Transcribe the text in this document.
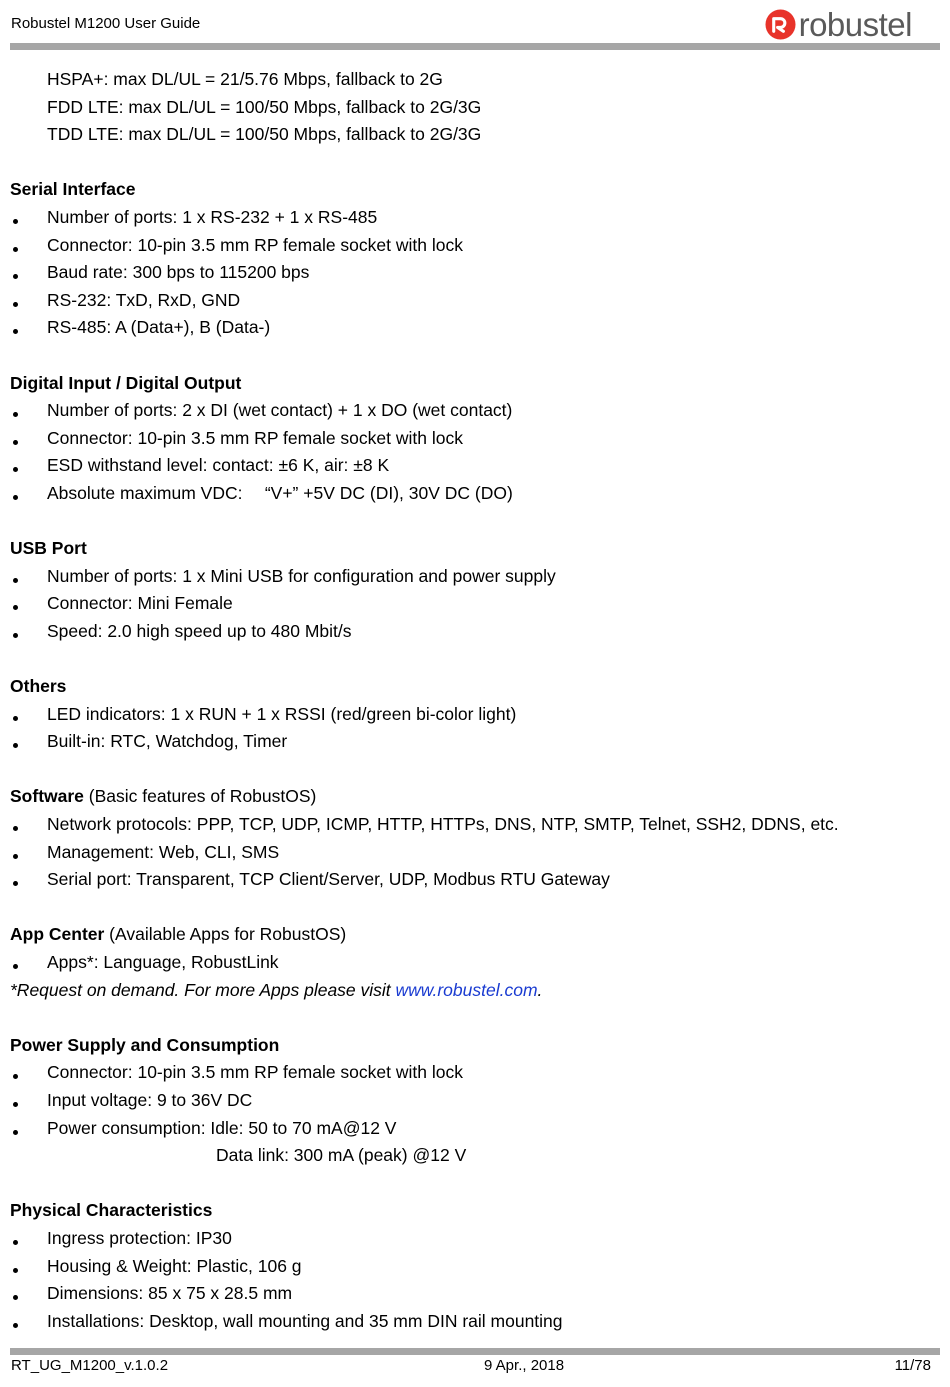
Robustel M1200 User Guide	robustel
HSPA+: max DL/UL = 21/5.76 Mbps, fallback to 2G
FDD LTE: max DL/UL = 100/50 Mbps, fallback to 2G/3G
TDD LTE: max DL/UL = 100/50 Mbps, fallback to 2G/3G
Serial Interface
Number of ports: 1 x RS-232 + 1 x RS-485
Connector: 10-pin 3.5 mm RP female socket with lock
Baud rate: 300 bps to 115200 bps
RS-232: TxD, RxD, GND
RS-485: A (Data+), B (Data-)
Digital Input / Digital Output
Number of ports: 2 x DI (wet contact) + 1 x DO (wet contact)
Connector: 10-pin 3.5 mm RP female socket with lock
ESD withstand level: contact: ±6 K, air: ±8 K
Absolute maximum VDC: 　“V+” +5V DC (DI), 30V DC (DO)
USB Port
Number of ports: 1 x Mini USB for configuration and power supply
Connector: Mini Female
Speed: 2.0 high speed up to 480 Mbit/s
Others
LED indicators: 1 x RUN + 1 x RSSI (red/green bi-color light)
Built-in: RTC, Watchdog, Timer
Software (Basic features of RobustOS)
Network protocols: PPP, TCP, UDP, ICMP, HTTP, HTTPs, DNS, NTP, SMTP, Telnet, SSH2, DDNS, etc.
Management: Web, CLI, SMS
Serial port: Transparent, TCP Client/Server, UDP, Modbus RTU Gateway
App Center (Available Apps for RobustOS)
Apps*: Language, RobustLink
*Request on demand. For more Apps please visit www.robustel.com.
Power Supply and Consumption
Connector: 10-pin 3.5 mm RP female socket with lock
Input voltage: 9 to 36V DC
Power consumption: Idle: 50 to 70 mA@12 V
Data link: 300 mA (peak) @12 V
Physical Characteristics
Ingress protection: IP30
Housing & Weight: Plastic, 106 g
Dimensions: 85 x 75 x 28.5 mm
Installations: Desktop, wall mounting and 35 mm DIN rail mounting
RT_UG_M1200_v.1.0.2	9 Apr., 2018	11/78
